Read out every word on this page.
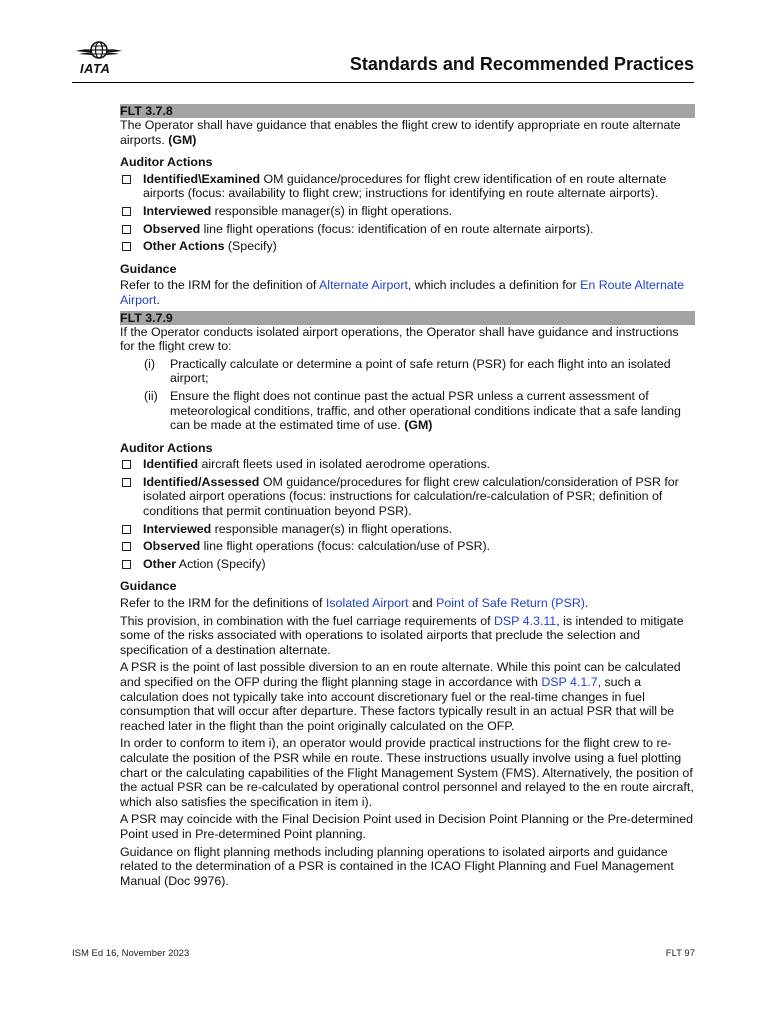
IATA	Standards and Recommended Practices
FLT 3.7.8

The Operator shall have guidance that enables the flight crew to identify appropriate en route alternate airports. (GM)

Auditor Actions
Identified\Examined OM guidance/procedures for flight crew identification of en route alternate airports (focus: availability to flight crew; instructions for identifying en route alternate airports).
Interviewed responsible manager(s) in flight operations.
Observed line flight operations (focus: identification of en route alternate airports).
Other Actions (Specify)
Guidance

Refer to the IRM for the definition of Alternate Airport, which includes a definition for En Route Alternate Airport.

FLT 3.7.9

If the Operator conducts isolated airport operations, the Operator shall have guidance and instructions for the flight crew to:

(i) Practically calculate or determine a point of safe return (PSR) for each flight into an isolated airport;
(ii) Ensure the flight does not continue past the actual PSR unless a current assessment of meteorological conditions, traffic, and other operational conditions indicate that a safe landing can be made at the estimated time of use. (GM)
Auditor Actions
Identified aircraft fleets used in isolated aerodrome operations.
Identified/Assessed OM guidance/procedures for flight crew calculation/consideration of PSR for isolated airport operations (focus: instructions for calculation/re-calculation of PSR; definition of conditions that permit continuation beyond PSR).
Interviewed responsible manager(s) in flight operations.
Observed line flight operations (focus: calculation/use of PSR).
Other Action (Specify)
Guidance

Refer to the IRM for the definitions of Isolated Airport and Point of Safe Return (PSR).

This provision, in combination with the fuel carriage requirements of DSP 4.3.11, is intended to mitigate some of the risks associated with operations to isolated airports that preclude the selection and specification of a destination alternate.

A PSR is the point of last possible diversion to an en route alternate. While this point can be calculated and specified on the OFP during the flight planning stage in accordance with DSP 4.1.7, such a calculation does not typically take into account discretionary fuel or the real-time changes in fuel consumption that will occur after departure. These factors typically result in an actual PSR that will be reached later in the flight than the point originally calculated on the OFP.

In order to conform to item i), an operator would provide practical instructions for the flight crew to re-calculate the position of the PSR while en route. These instructions usually involve using a fuel plotting chart or the calculating capabilities of the Flight Management System (FMS). Alternatively, the position of the actual PSR can be re-calculated by operational control personnel and relayed to the en route aircraft, which also satisfies the specification in item i).

A PSR may coincide with the Final Decision Point used in Decision Point Planning or the Pre-determined Point used in Pre-determined Point planning.

Guidance on flight planning methods including planning operations to isolated airports and guidance related to the determination of a PSR is contained in the ICAO Flight Planning and Fuel Management Manual (Doc 9976).

ISM Ed 16, November 2023	FLT 97
